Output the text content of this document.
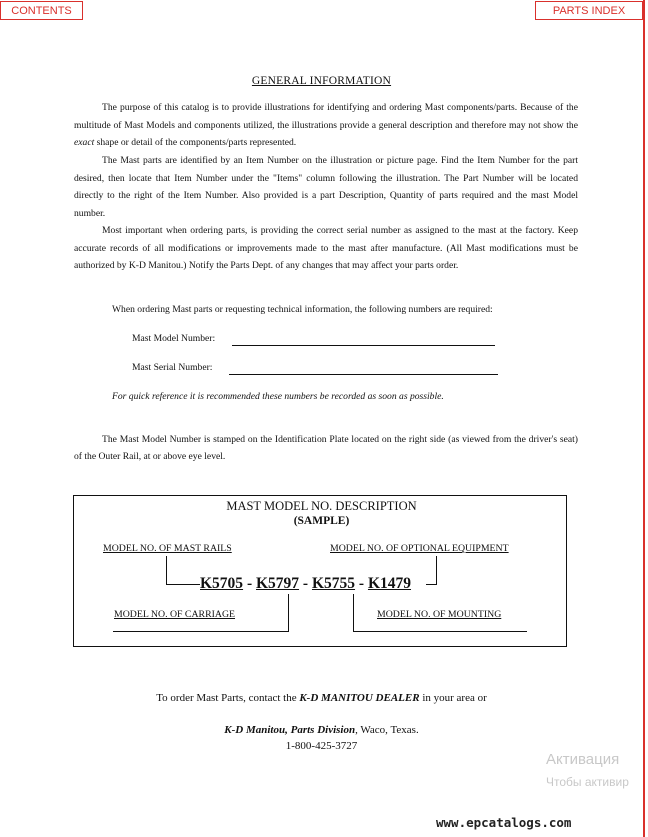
CONTENTS	PARTS INDEX
GENERAL INFORMATION

The purpose of this catalog is to provide illustrations for identifying and ordering Mast components/parts. Because of the multitude of Mast Models and components utilized, the illustrations provide a general description and therefore may not show the exact shape or detail of the components/parts represented.

The Mast parts are identified by an Item Number on the illustration or picture page. Find the Item Number for the part desired, then locate that Item Number under the "Items" column following the illustration. The Part Number will be located directly to the right of the Item Number. Also provided is a part Description, Quantity of parts required and the mast Model number.

Most important when ordering parts, is providing the correct serial number as assigned to the mast at the factory. Keep accurate records of all modifications or improvements made to the mast after manufacture. (All Mast modifications must be authorized by K-D Manitou.) Notify the Parts Dept. of any changes that may affect your parts order.

When ordering Mast parts or requesting technical information, the following numbers are required:
Mast Model Number:
Mast Serial Number:
For quick reference it is recommended these numbers be recorded as soon as possible.

The Mast Model Number is stamped on the Identification Plate located on the right side (as viewed from the driver's seat) of the Outer Rail, at or above eye level.

MAST MODEL NO. DESCRIPTION
(SAMPLE)
MODEL NO. OF MAST RAILS	MODEL NO. OF OPTIONAL EQUIPMENT
MODEL NO. OF CARRIAGE	MODEL NO. OF MOUNTING
K5705 - K5797 - K5755 - K1479
To order Mast Parts, contact the K-D MANITOU DEALER in your area or
K-D Manitou, Parts Division, Waco, Texas.
1-800-425-3727
Активация
Чтобы активир
www.epcatalogs.com
